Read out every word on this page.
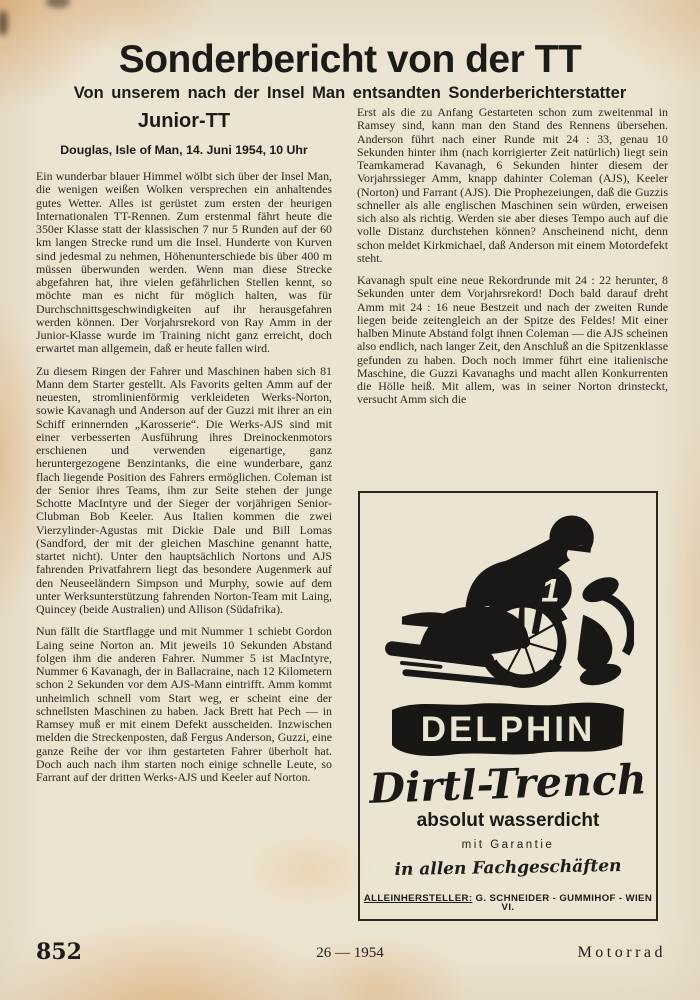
Sonderbericht von der TT
Von unserem nach der Insel Man entsandten Sonderberichterstatter
Junior-TT
Douglas, Isle of Man, 14. Juni 1954, 10 Uhr

Ein wunderbar blauer Himmel wölbt sich über der Insel Man, die wenigen weißen Wolken versprechen ein anhaltendes gutes Wetter. Alles ist gerüstet zum ersten der heurigen Internationalen TT-Rennen. Zum erstenmal fährt heute die 350er Klasse statt der klassischen 7 nur 5 Runden auf der 60 km langen Strecke rund um die Insel. Hunderte von Kurven sind jedesmal zu nehmen, Höhenunterschiede bis über 400 m müssen überwunden werden. Wenn man diese Strecke abgefahren hat, ihre vielen gefährlichen Stellen kennt, so möchte man es nicht für möglich halten, was für Durchschnittsgeschwindigkeiten auf ihr herausgefahren werden können. Der Vorjahrsrekord von Ray Amm in der Junior-Klasse wurde im Training nicht ganz erreicht, doch erwartet man allgemein, daß er heute fallen wird.

Zu diesem Ringen der Fahrer und Maschinen haben sich 81 Mann dem Starter gestellt. Als Favorits gelten Amm auf der neuesten, stromlinienförmig verkleideten Werks-Norton, sowie Kavanagh und Anderson auf der Guzzi mit ihrer an ein Schiff erinnernden „Karosserie“. Die Werks-AJS sind mit einer verbesserten Ausführung ihres Dreinockenmotors erschienen und verwenden eigenartige, ganz heruntergezogene Benzintanks, die eine wunderbare, ganz flach liegende Position des Fahrers ermöglichen. Coleman ist der Senior ihres Teams, ihm zur Seite stehen der junge Schotte MacIntyre und der Sieger der vorjährigen Senior-Clubman Bob Keeler. Aus Italien kommen die zwei Vierzylinder-Agustas mit Dickie Dale und Bill Lomas (Sandford, der mit der gleichen Maschine genannt hatte, startet nicht). Unter den hauptsächlich Nortons und AJS fahrenden Privatfahrern liegt das besondere Augenmerk auf den Neuseeländern Simpson und Murphy, sowie auf dem unter Werksunterstützung fahrenden Norton-Team mit Laing, Quincey (beide Australien) und Allison (Südafrika).

Nun fällt die Startflagge und mit Nummer 1 schiebt Gordon Laing seine Norton an. Mit jeweils 10 Sekunden Abstand folgen ihm die anderen Fahrer. Nummer 5 ist MacIntyre, Nummer 6 Kavanagh, der in Ballacraine, nach 12 Kilometern schon 2 Sekunden vor dem AJS-Mann eintrifft. Amm kommt unheimlich schnell vom Start weg, er scheint eine der schnellsten Maschinen zu haben. Jack Brett hat Pech — in Ramsey muß er mit einem Defekt ausscheiden. Inzwischen melden die Streckenposten, daß Fergus Anderson, Guzzi, eine ganze Reihe der vor ihm gestarteten Fahrer überholt hat. Doch auch nach ihm starten noch einige schnelle Leute, so Farrant auf der dritten Werks-AJS und Keeler auf Norton.

Erst als die zu Anfang Gestarteten schon zum zweitenmal in Ramsey sind, kann man den Stand des Rennens übersehen. Anderson führt nach einer Runde mit 24 : 33, genau 10 Sekunden hinter ihm (nach korrigierter Zeit natürlich) liegt sein Teamkamerad Kavanagh, 6 Sekunden hinter diesem der Vorjahrssieger Amm, knapp dahinter Coleman (AJS), Keeler (Norton) und Farrant (AJS). Die Prophezeiungen, daß die Guzzis schneller als alle englischen Maschinen sein würden, erweisen sich also als richtig. Werden sie aber dieses Tempo auch auf die volle Distanz durchstehen können? Anscheinend nicht, denn schon meldet Kirkmichael, daß Anderson mit einem Motordefekt steht.

Kavanagh spult eine neue Rekordrunde mit 24 : 22 herunter, 8 Sekunden unter dem Vorjahrsrekord! Doch bald darauf dreht Amm mit 24 : 16 neue Bestzeit und nach der zweiten Runde liegen beide zeitengleich an der Spitze des Feldes! Mit einer halben Minute Abstand folgt ihnen Coleman — die AJS scheinen also endlich, nach langer Zeit, den Anschluß an die Spitzenklasse gefunden zu haben. Doch noch immer führt eine italienische Maschine, die Guzzi Kavanaghs und macht allen Konkurrenten die Hölle heiß. Mit allem, was in seiner Norton drinsteckt, versucht Amm sich die

1
DELPHIN
Dirtl-Trench
absolut wasserdicht
mit Garantie
in allen Fachgeschäften
ALLEINHERSTELLER: G. SCHNEIDER - GUMMIHOF - WIEN VI.
852	26 — 1954	Motorrad
